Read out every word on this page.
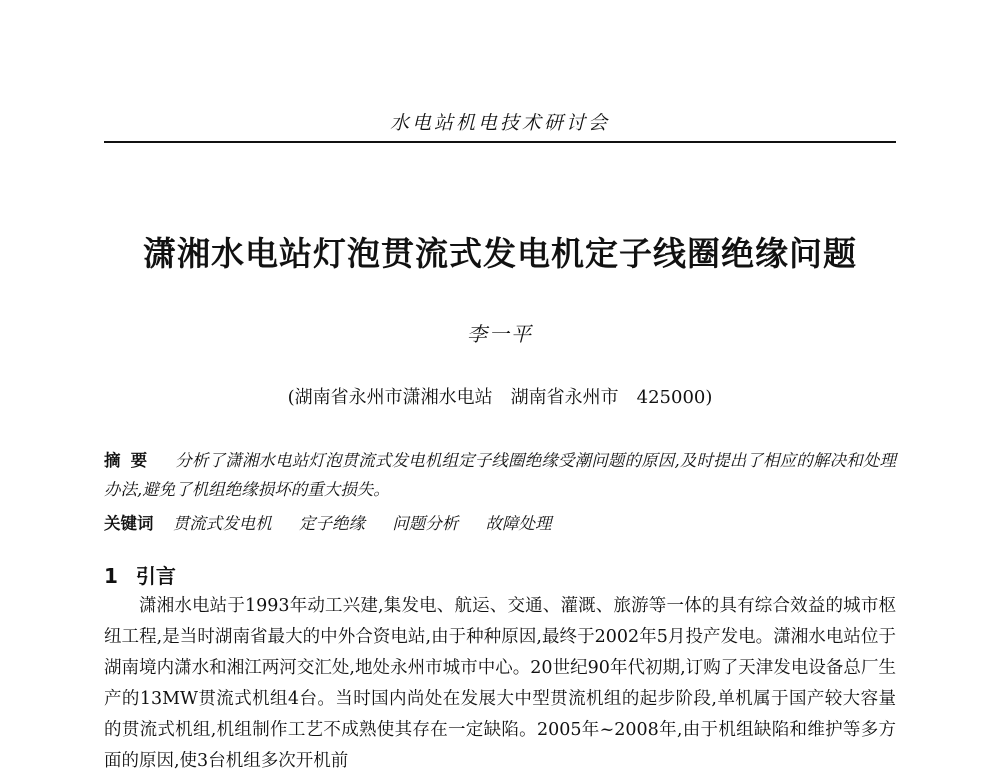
水电站机电技术研讨会
潇湘水电站灯泡贯流式发电机定子线圈绝缘问题
李一平
(湖南省永州市潇湘水电站　湖南省永州市　425000)
摘要 分析了潇湘水电站灯泡贯流式发电机组定子线圈绝缘受潮问题的原因,及时提出了相应的解决和处理办法,避免了机组绝缘损坏的重大损失。
关键词 贯流式发电机 定子绝缘 问题分析 故障处理
1 引言
潇湘水电站于1993年动工兴建,集发电、航运、交通、灌溉、旅游等一体的具有综合效益的城市枢纽工程,是当时湖南省最大的中外合资电站,由于种种原因,最终于2002年5月投产发电。潇湘水电站位于湖南境内潇水和湘江两河交汇处,地处永州市城市中心。20世纪90年代初期,订购了天津发电设备总厂生产的13MW贯流式机组4台。当时国内尚处在发展大中型贯流机组的起步阶段,单机属于国产较大容量的贯流式机组,机组制作工艺不成熟使其存在一定缺陷。2005年~2008年,由于机组缺陷和维护等多方面的原因,使3台机组多次开机前
